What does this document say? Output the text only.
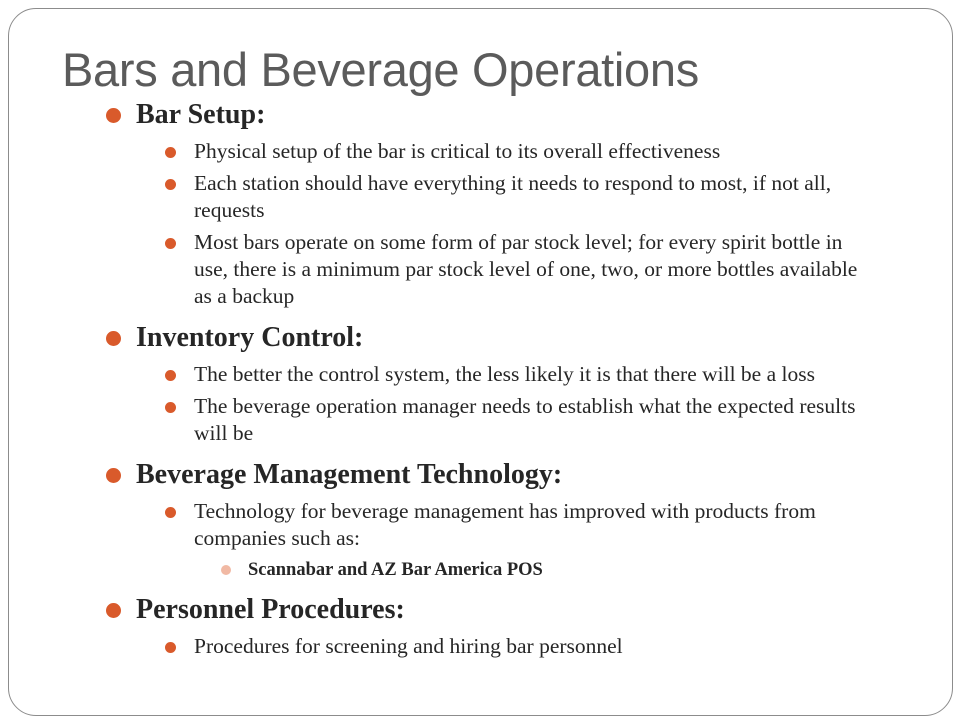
Bars and Beverage Operations
Bar Setup:
Physical setup of the bar is critical to its overall effectiveness
Each station should have everything it needs to respond to most, if not all, requests
Most bars operate on some form of par stock level; for every spirit bottle in use, there is a minimum par stock level of one, two, or more bottles available as a backup
Inventory Control:
The better the control system, the less likely it is that there will be a loss
The beverage operation manager needs to establish what the expected results will be
Beverage Management Technology:
Technology for beverage management has improved with products from companies such as:
Scannabar and AZ Bar America POS
Personnel Procedures:
Procedures for screening and hiring bar personnel
